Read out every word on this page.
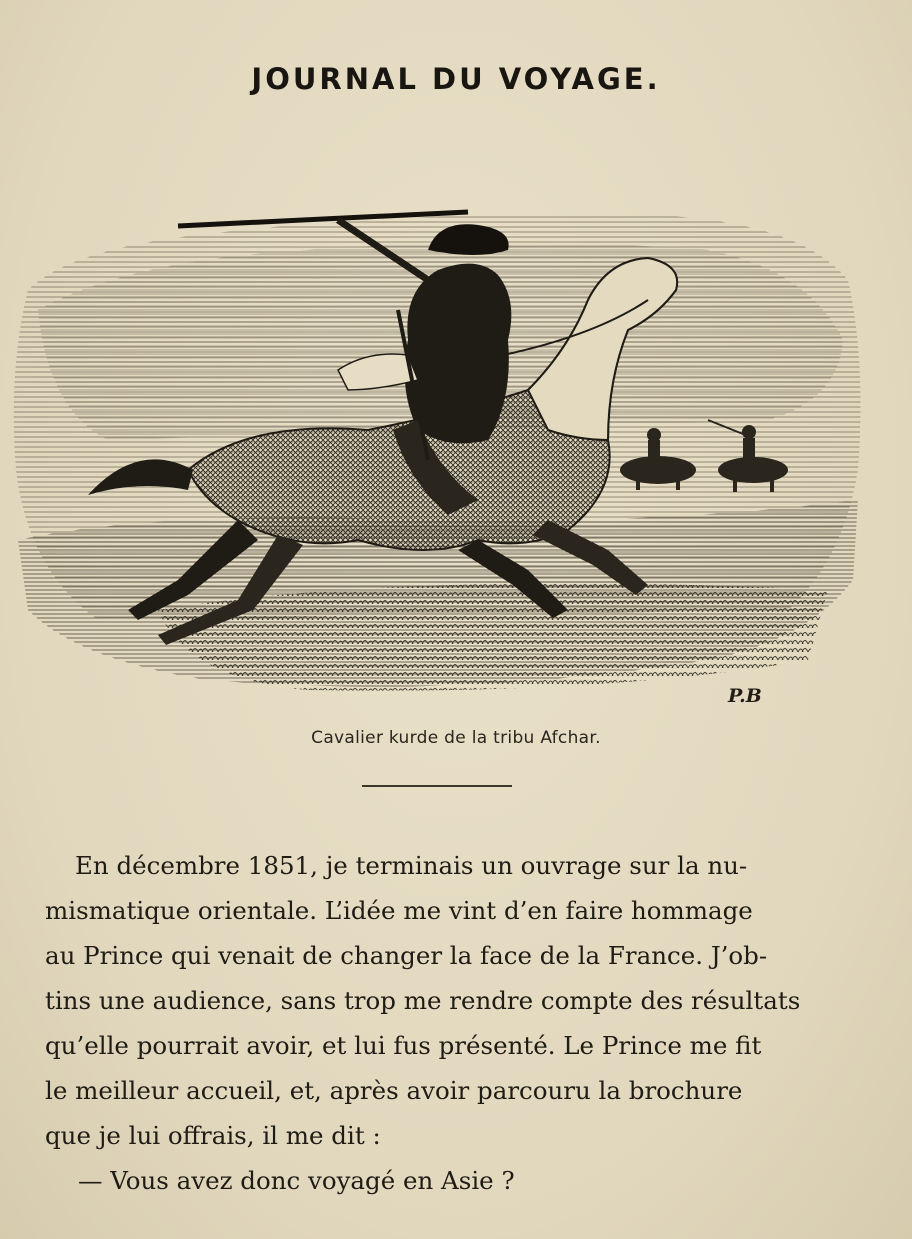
JOURNAL DU VOYAGE.
P.B
Cavalier kurde de la tribu Afchar.
En décembre 1851, je terminais un ouvrage sur la nu-
mismatique orientale. L’idée me vint d’en faire hommage
au Prince qui venait de changer la face de la France. J’ob-
tins une audience, sans trop me rendre compte des résultats
qu’elle pourrait avoir, et lui fus présenté. Le Prince me fit
le meilleur accueil, et, après avoir parcouru la brochure
que je lui offrais, il me dit :
— Vous avez donc voyagé en Asie ?
